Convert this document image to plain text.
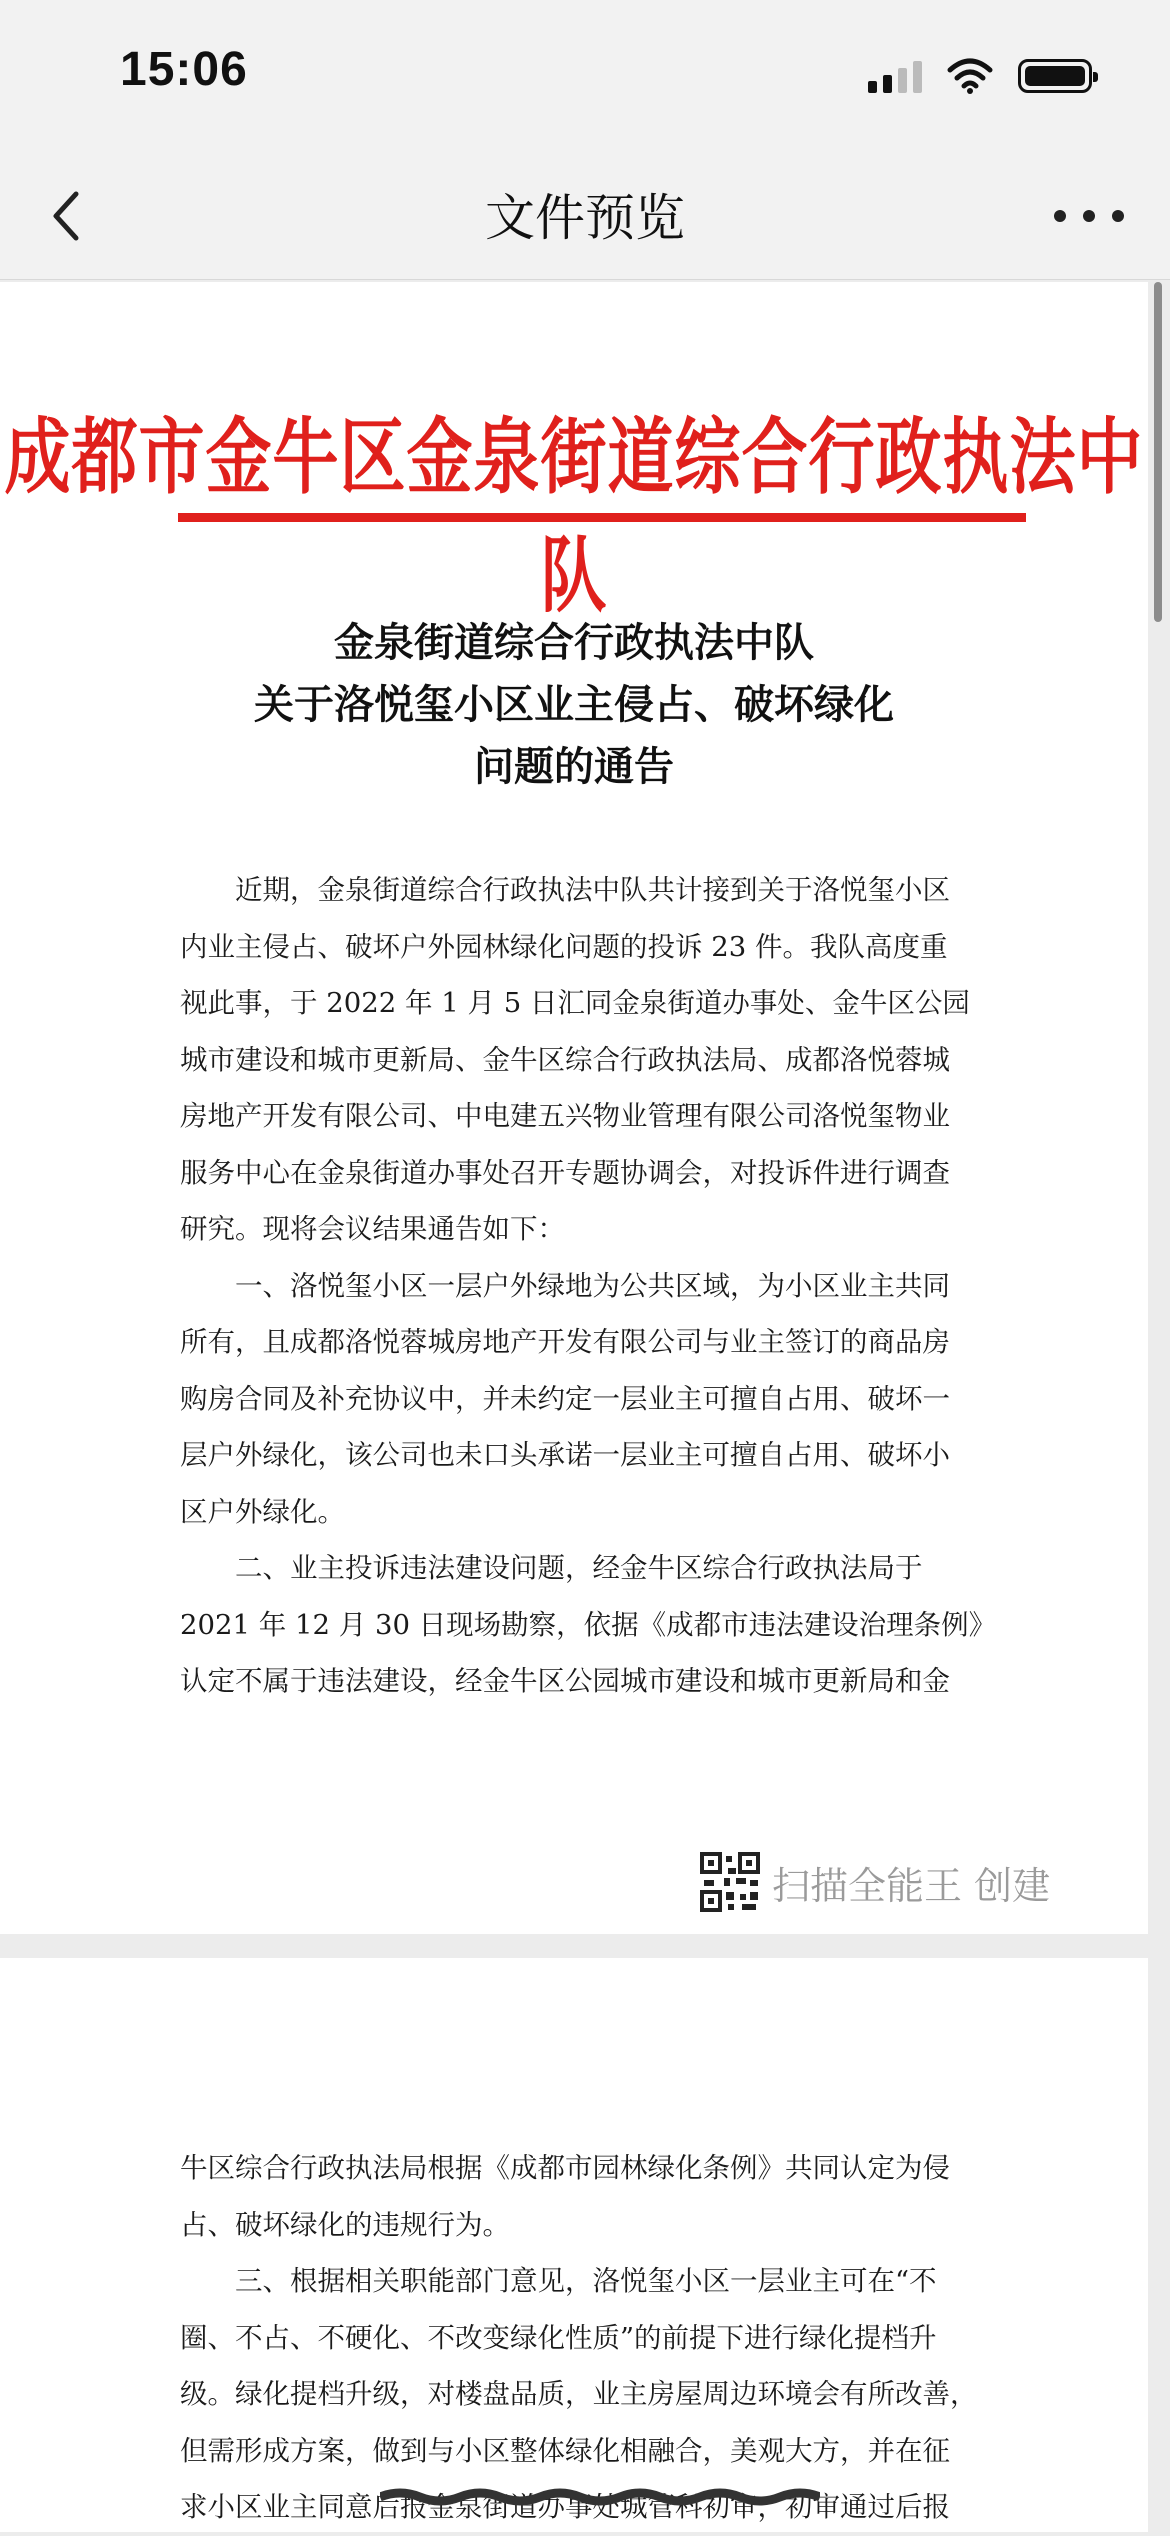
15:06
文件预览
成都市金牛区金泉街道综合行政执法中队
金泉街道综合行政执法中队
关于洛悦玺小区业主侵占、破坏绿化
问题的通告
　　近期，金泉街道综合行政执法中队共计接到关于洛悦玺小区
内业主侵占、破坏户外园林绿化问题的投诉 23 件。我队高度重
视此事，于 2022 年 1 月 5 日汇同金泉街道办事处、金牛区公园
城市建设和城市更新局、金牛区综合行政执法局、成都洛悦蓉城
房地产开发有限公司、中电建五兴物业管理有限公司洛悦玺物业
服务中心在金泉街道办事处召开专题协调会，对投诉件进行调查
研究。现将会议结果通告如下：
　　一、洛悦玺小区一层户外绿地为公共区域，为小区业主共同
所有，且成都洛悦蓉城房地产开发有限公司与业主签订的商品房
购房合同及补充协议中，并未约定一层业主可擅自占用、破坏一
层户外绿化，该公司也未口头承诺一层业主可擅自占用、破坏小
区户外绿化。
　　二、业主投诉违法建设问题，经金牛区综合行政执法局于
2021 年 12 月 30 日现场勘察，依据《成都市违法建设治理条例》
认定不属于违法建设，经金牛区公园城市建设和城市更新局和金
扫描全能王 创建
牛区综合行政执法局根据《成都市园林绿化条例》共同认定为侵
占、破坏绿化的违规行为。
　　三、根据相关职能部门意见，洛悦玺小区一层业主可在“不
圈、不占、不硬化、不改变绿化性质”的前提下进行绿化提档升
级。绿化提档升级，对楼盘品质，业主房屋周边环境会有所改善，
但需形成方案，做到与小区整体绿化相融合，美观大方，并在征
求小区业主同意后报金泉街道办事处城管科初审，初审通过后报
